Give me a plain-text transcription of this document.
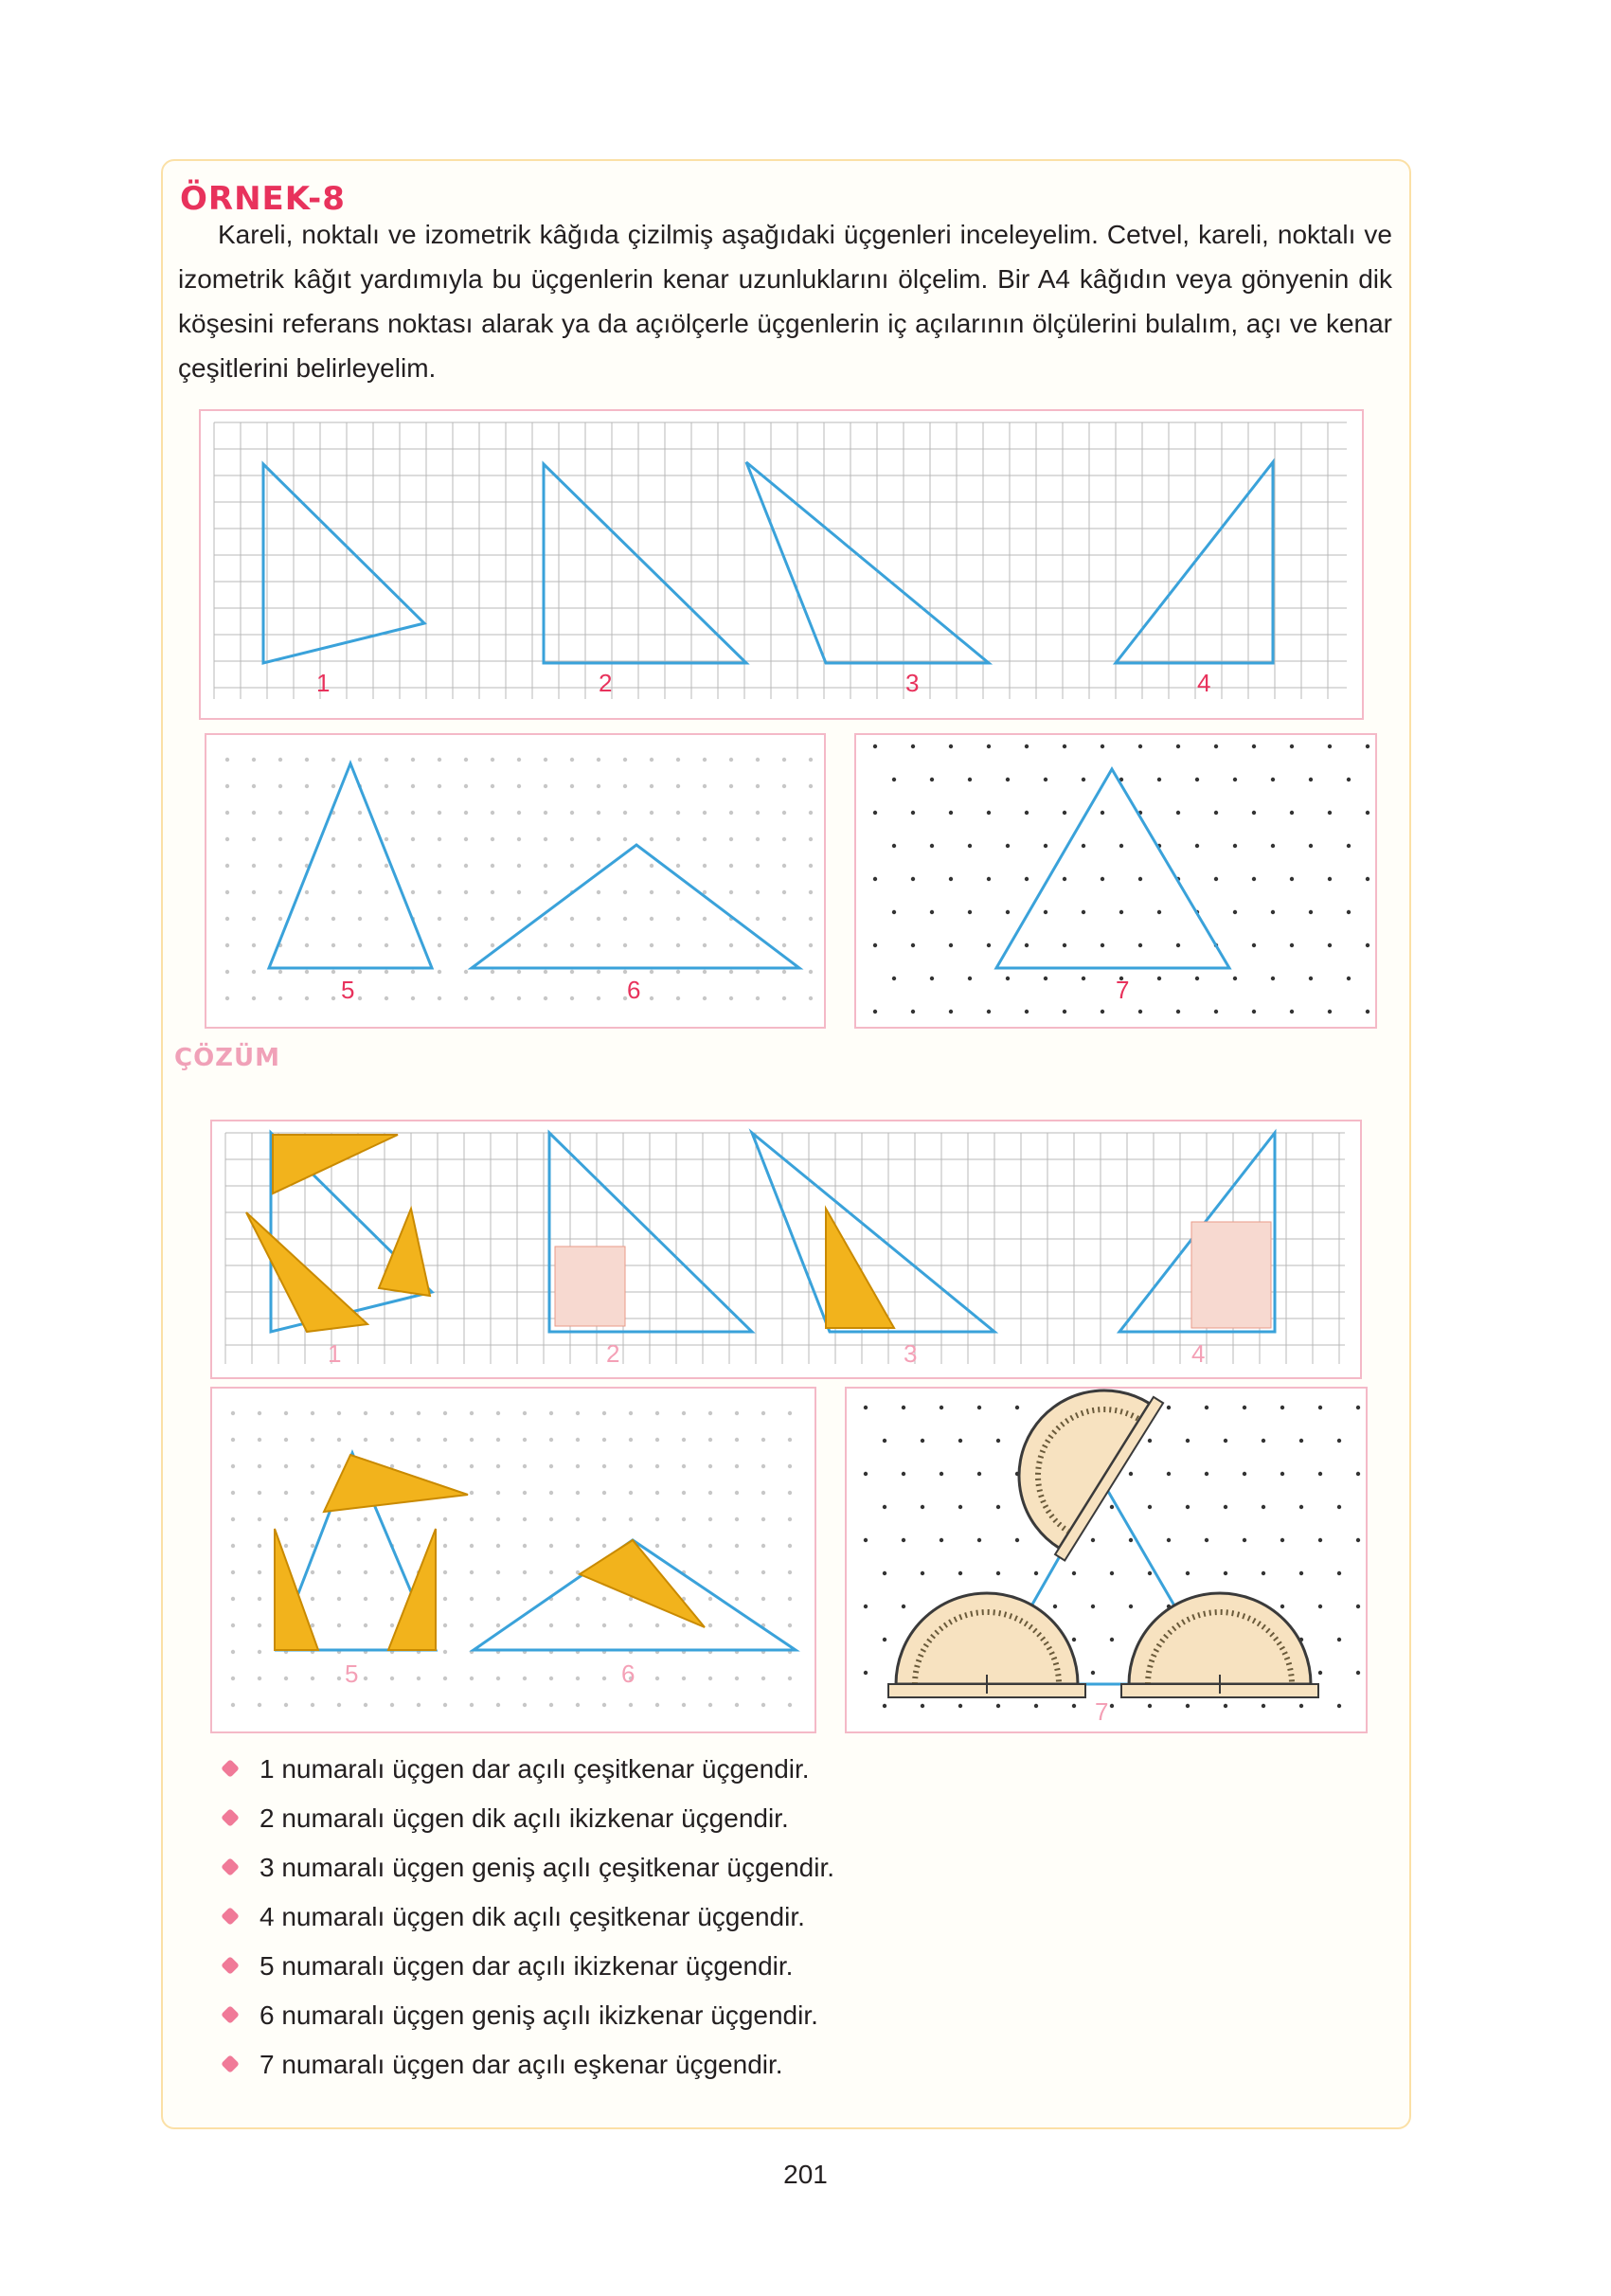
ÖRNEK-8
Kareli, noktalı ve izometrik kâğıda çizilmiş aşağıdaki üçgenleri inceleyelim. Cetvel, kareli, noktalı ve izometrik kâğıt yardımıyla bu üçgenlerin kenar uzunluklarını ölçelim. Bir A4 kâğıdın veya gönyenin dik köşesini referans noktası alarak ya da açıölçerle üçgenlerin iç açılarının ölçülerini bulalım, açı ve kenar çeşitlerini belirleyelim.
1	2	3	4
5	6	7
ÇÖZÜM
1	2	3	4
5	6
7
1 numaralı üçgen dar açılı çeşitkenar üçgendir.
2 numaralı üçgen dik açılı ikizkenar üçgendir.
3 numaralı üçgen geniş açılı çeşitkenar üçgendir.
4 numaralı üçgen dik açılı çeşitkenar üçgendir.
5 numaralı üçgen dar açılı ikizkenar üçgendir.
6 numaralı üçgen geniş açılı ikizkenar üçgendir.
7 numaralı üçgen dar açılı eşkenar üçgendir.
201
